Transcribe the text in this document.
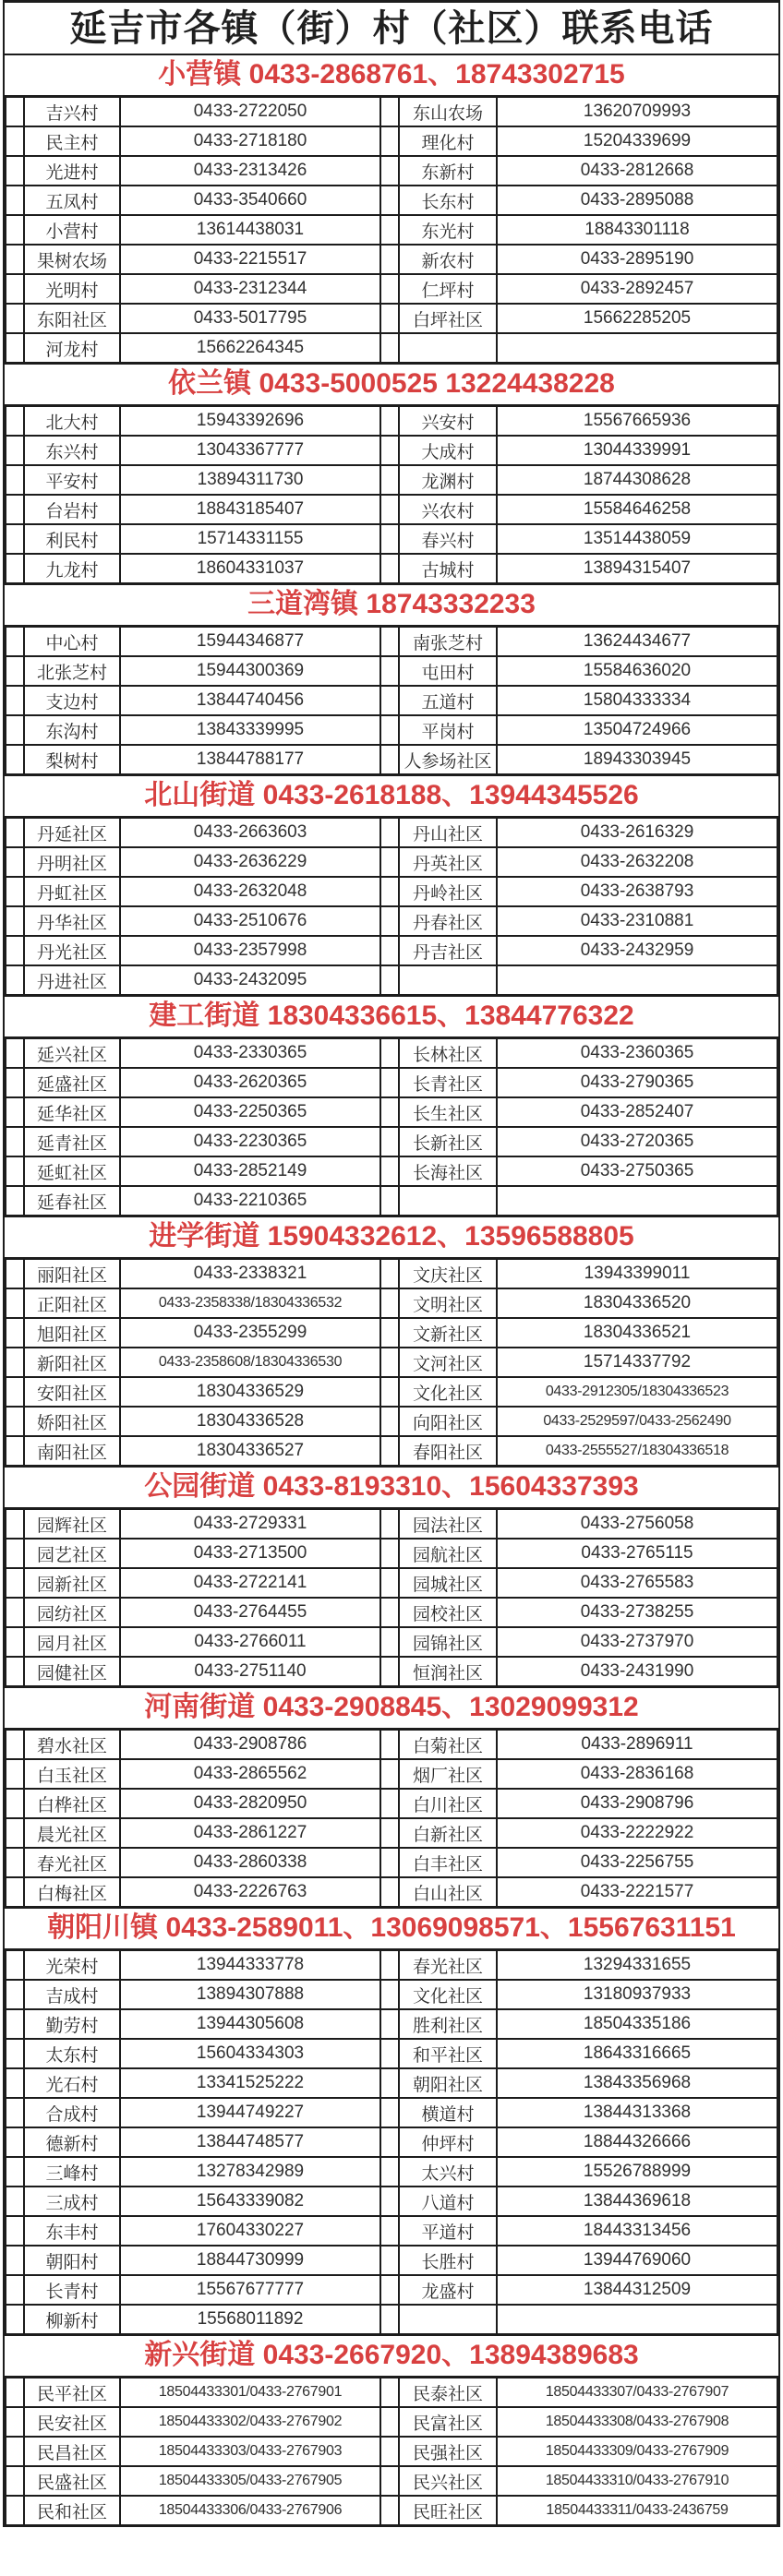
延吉市各镇（街）村（社区）联系电话
小营镇 0433-2868761、18743302715
	吉兴村	0433-2722050		东山农场	13620709993
	民主村	0433-2718180		理化村	15204339699
	光进村	0433-2313426		东新村	0433-2812668
	五凤村	0433-3540660		长东村	0433-2895088
	小营村	13614438031		东光村	18843301118
	果树农场	0433-2215517		新农村	0433-2895190
	光明村	0433-2312344		仁坪村	0433-2892457
	东阳社区	0433-5017795		白坪社区	15662285205
	河龙村	15662264345			
依兰镇 0433-5000525 13224438228
	北大村	15943392696		兴安村	15567665936
	东兴村	13043367777		大成村	13044339991
	平安村	13894311730		龙渊村	18744308628
	台岩村	18843185407		兴农村	15584646258
	利民村	15714331155		春兴村	13514438059
	九龙村	18604331037		古城村	13894315407
三道湾镇 18743332233
	中心村	15944346877		南张芝村	13624434677
	北张芝村	15944300369		屯田村	15584636020
	支边村	13844740456		五道村	15804333334
	东沟村	13843339995		平岗村	13504724966
	梨树村	13844788177		人参场社区	18943303945
北山街道 0433-2618188、13944345526
	丹延社区	0433-2663603		丹山社区	0433-2616329
	丹明社区	0433-2636229		丹英社区	0433-2632208
	丹虹社区	0433-2632048		丹岭社区	0433-2638793
	丹华社区	0433-2510676		丹春社区	0433-2310881
	丹光社区	0433-2357998		丹吉社区	0433-2432959
	丹进社区	0433-2432095			
建工街道 18304336615、13844776322
	延兴社区	0433-2330365		长林社区	0433-2360365
	延盛社区	0433-2620365		长青社区	0433-2790365
	延华社区	0433-2250365		长生社区	0433-2852407
	延青社区	0433-2230365		长新社区	0433-2720365
	延虹社区	0433-2852149		长海社区	0433-2750365
	延春社区	0433-2210365			
进学街道 15904332612、13596588805
	丽阳社区	0433-2338321		文庆社区	13943399011
	正阳社区	0433-2358338/18304336532		文明社区	18304336520
	旭阳社区	0433-2355299		文新社区	18304336521
	新阳社区	0433-2358608/18304336530		文河社区	15714337792
	安阳社区	18304336529		文化社区	0433-2912305/18304336523
	娇阳社区	18304336528		向阳社区	0433-2529597/0433-2562490
	南阳社区	18304336527		春阳社区	0433-2555527/18304336518
公园街道 0433-8193310、15604337393
	园辉社区	0433-2729331		园法社区	0433-2756058
	园艺社区	0433-2713500		园航社区	0433-2765115
	园新社区	0433-2722141		园城社区	0433-2765583
	园纺社区	0433-2764455		园校社区	0433-2738255
	园月社区	0433-2766011		园锦社区	0433-2737970
	园健社区	0433-2751140		恒润社区	0433-2431990
河南街道 0433-2908845、13029099312
	碧水社区	0433-2908786		白菊社区	0433-2896911
	白玉社区	0433-2865562		烟厂社区	0433-2836168
	白桦社区	0433-2820950		白川社区	0433-2908796
	晨光社区	0433-2861227		白新社区	0433-2222922
	春光社区	0433-2860338		白丰社区	0433-2256755
	白梅社区	0433-2226763		白山社区	0433-2221577
朝阳川镇 0433-2589011、13069098571、15567631151
	光荣村	13944333778		春光社区	13294331655
	吉成村	13894307888		文化社区	13180937933
	勤劳村	13944305608		胜利社区	18504335186
	太东村	15604334303		和平社区	18643316665
	光石村	13341525222		朝阳社区	13843356968
	合成村	13944749227		横道村	13844313368
	德新村	13844748577		仲坪村	18844326666
	三峰村	13278342989		太兴村	15526788999
	三成村	15643339082		八道村	13844369618
	东丰村	17604330227		平道村	18443313456
	朝阳村	18844730999		长胜村	13944769060
	长青村	15567677777		龙盛村	13844312509
	柳新村	15568011892			
新兴街道 0433-2667920、13894389683
	民平社区	18504433301/0433-2767901		民泰社区	18504433307/0433-2767907
	民安社区	18504433302/0433-2767902		民富社区	18504433308/0433-2767908
	民昌社区	18504433303/0433-2767903		民强社区	18504433309/0433-2767909
	民盛社区	18504433305/0433-2767905		民兴社区	18504433310/0433-2767910
	民和社区	18504433306/0433-2767906		民旺社区	18504433311/0433-2436759
